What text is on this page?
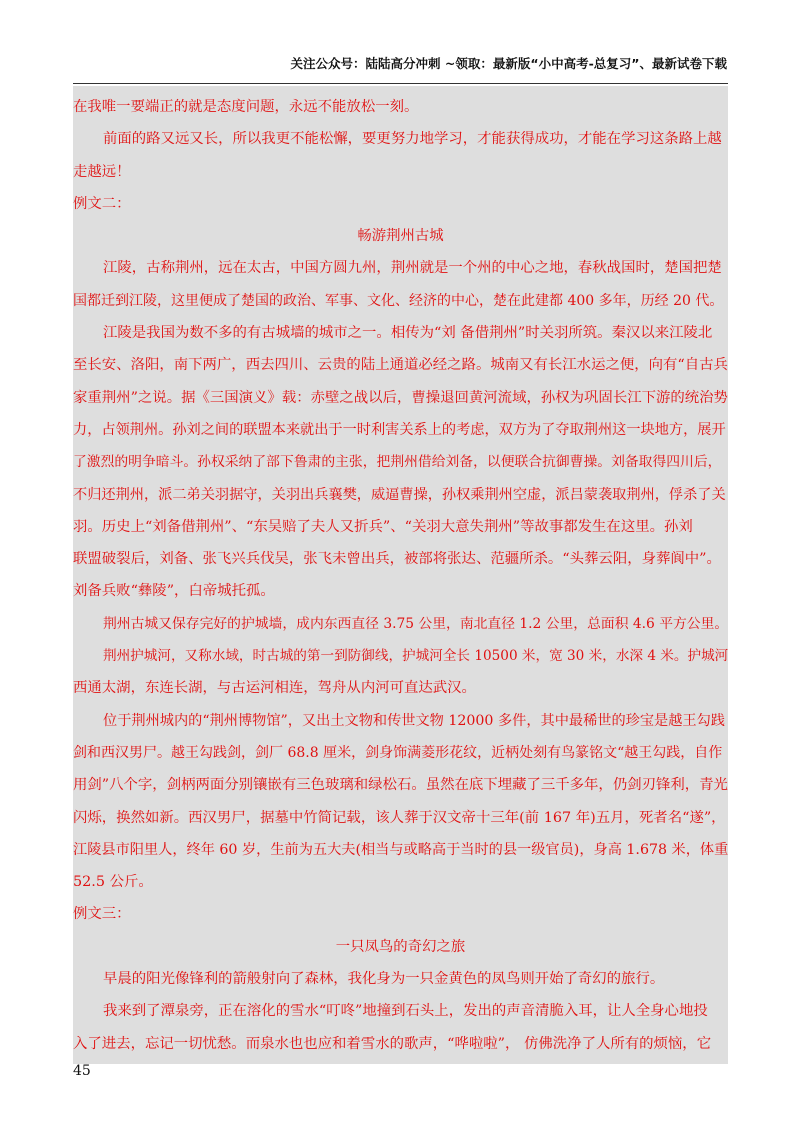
关注公众号：陆陆高分冲刺 ~领取：最新版“小中高考-总复习”、最新试卷下载
在我唯一要端正的就是态度问题，永远不能放松一刻。
前面的路又远又长，所以我更不能松懈，要更努力地学习，才能获得成功，才能在学习这条路上越
走越远！
例文二：
畅游荆州古城
江陵，古称荆州，远在太古，中国方圆九州，荆州就是一个州的中心之地，春秋战国时，楚国把楚
国都迁到江陵，这里便成了楚国的政治、军事、文化、经济的中心，楚在此建都 400 多年，历经 20 代。
江陵是我国为数不多的有古城墙的城市之一。相传为“刘 备借荆州”时关羽所筑。秦汉以来江陵北
至长安、洛阳，南下两广，西去四川、云贵的陆上通道必经之路。城南又有长江水运之便，向有“自古兵
家重荆州”之说。据《三国演义》载：赤壁之战以后，曹操退回黄河流域，孙权为巩固长江下游的统治势
力，占领荆州。孙刘之间的联盟本来就出于一时利害关系上的考虑，双方为了夺取荆州这一块地方，展开
了激烈的明争暗斗。孙权采纳了部下鲁肃的主张，把荆州借给刘备，以便联合抗御曹操。刘备取得四川后，
不归还荆州，派二弟关羽据守，关羽出兵襄樊，威逼曹操，孙权乘荆州空虚，派吕蒙袭取荆州，俘杀了关
羽。历史上“刘备借荆州”、“东吴赔了夫人又折兵”、“关羽大意失荆州”等故事都发生在这里。孙刘
联盟破裂后，刘备、张飞兴兵伐吴，张飞未曾出兵，被部将张达、范疆所杀。“头葬云阳，身葬阆中”。
刘备兵败“彝陵”，白帝城托孤。
荆州古城又保存完好的护城墙，成内东西直径 3.75 公里，南北直径 1.2 公里，总面积 4.6 平方公里。
荆州护城河，又称水域，时古城的第一到防御线，护城河全长 10500 米，宽 30 米，水深 4 米。护城河
西通太湖，东连长湖，与古运河相连，驾舟从内河可直达武汉。
位于荆州城内的“荆州博物馆”，又出土文物和传世文物 12000 多件，其中最稀世的珍宝是越王勾践
剑和西汉男尸。越王勾践剑，剑厂 68.8 厘米，剑身饰满菱形花纹，近柄处刻有鸟篆铭文“越王勾践，自作
用剑”八个字，剑柄两面分别镶嵌有三色玻璃和绿松石。虽然在底下埋藏了三千多年，仍剑刃锋利，青光
闪烁，换然如新。西汉男尸，据墓中竹简记载，该人葬于汉文帝十三年(前 167 年)五月，死者名“遂”，
江陵县市阳里人，终年 60 岁，生前为五大夫(相当与或略高于当时的县一级官员)，身高 1.678 米，体重
52.5 公斤。
例文三：
一只凤鸟的奇幻之旅
早晨的阳光像锋利的箭般射向了森林，我化身为一只金黄色的凤鸟则开始了奇幻的旅行。
我来到了潭泉旁，正在溶化的雪水“叮咚”地撞到石头上，发出的声音清脆入耳，让人全身心地投
入了进去，忘记一切忧愁。而泉水也也应和着雪水的歌声，“哗啦啦”， 仿佛洗净了人所有的烦恼，它
45
